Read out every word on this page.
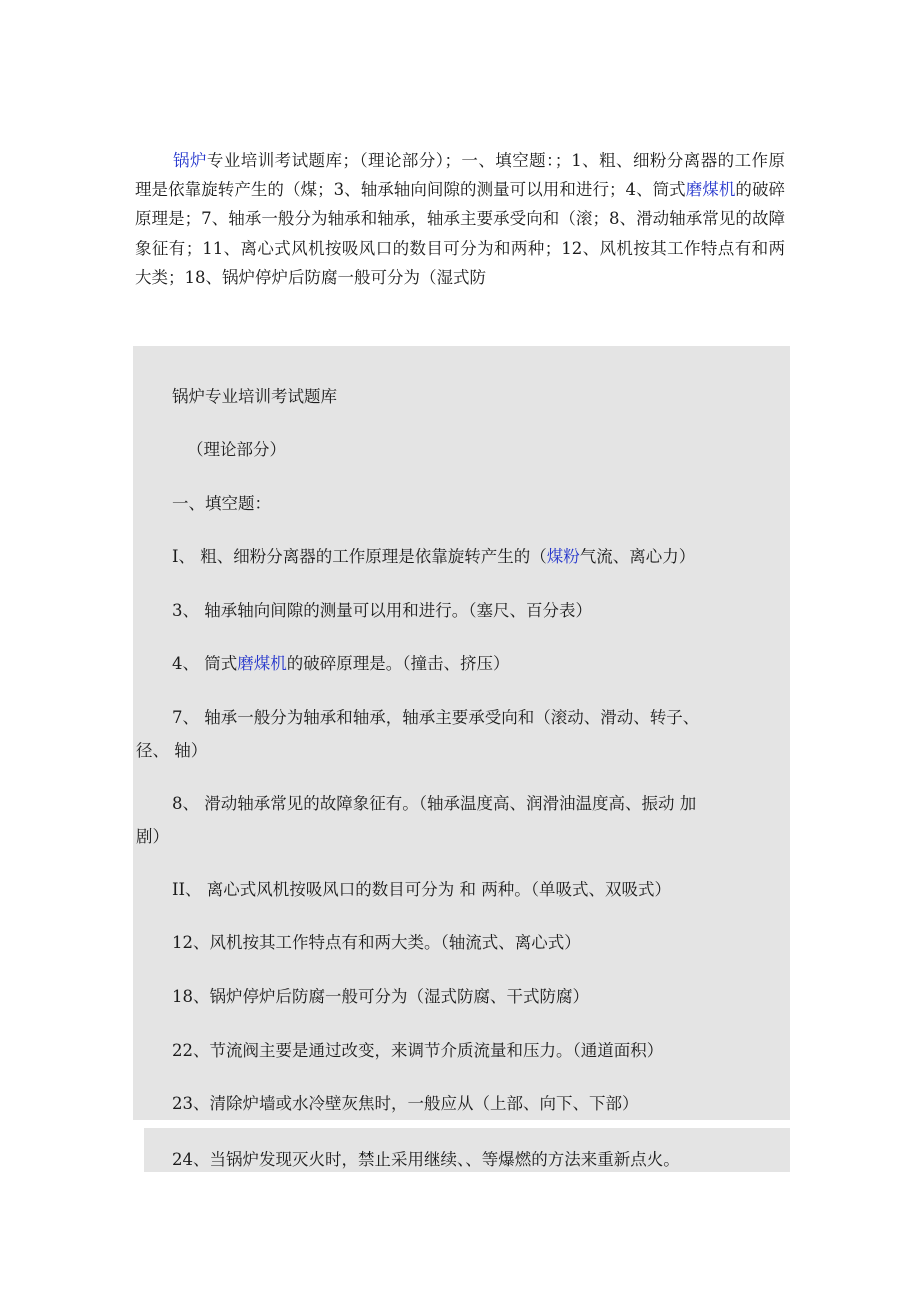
锅炉专业培训考试题库；（理论部分）；一、填空题：；1、粗、细粉分离器的工作原理是依靠旋转产生的（煤；3、轴承轴向间隙的测量可以用和进行；4、筒式磨煤机的破碎原理是；7、轴承一般分为轴承和轴承，轴承主要承受向和（滚；8、滑动轴承常见的故障象征有；11、离心式风机按吸风口的数目可分为和两种；12、风机按其工作特点有和两大类；18、锅炉停炉后防腐一般可分为（湿式防

锅炉专业培训考试题库
（理论部分）
一、填空题：
I、 粗、细粉分离器的工作原理是依靠旋转产生的（煤粉气流、离心力）
3、 轴承轴向间隙的测量可以用和进行。（塞尺、百分表）
4、 筒式磨煤机的破碎原理是。（撞击、挤压）
7、 轴承一般分为轴承和轴承，轴承主要承受向和（滚动、滑动、转子、
径、 轴）
8、 滑动轴承常见的故障象征有。（轴承温度高、润滑油温度高、振动 加
剧）
II、 离心式风机按吸风口的数目可分为 和 两种。（单吸式、双吸式）
12、风机按其工作特点有和两大类。（轴流式、离心式）
18、锅炉停炉后防腐一般可分为（湿式防腐、干式防腐）
22、节流阀主要是通过改变，来调节介质流量和压力。（通道面积）
23、清除炉墙或水冷壁灰焦时，一般应从（上部、向下、下部）
24、当锅炉发现灭火时，禁止采用继续、、等爆燃的方法来重新点火。
